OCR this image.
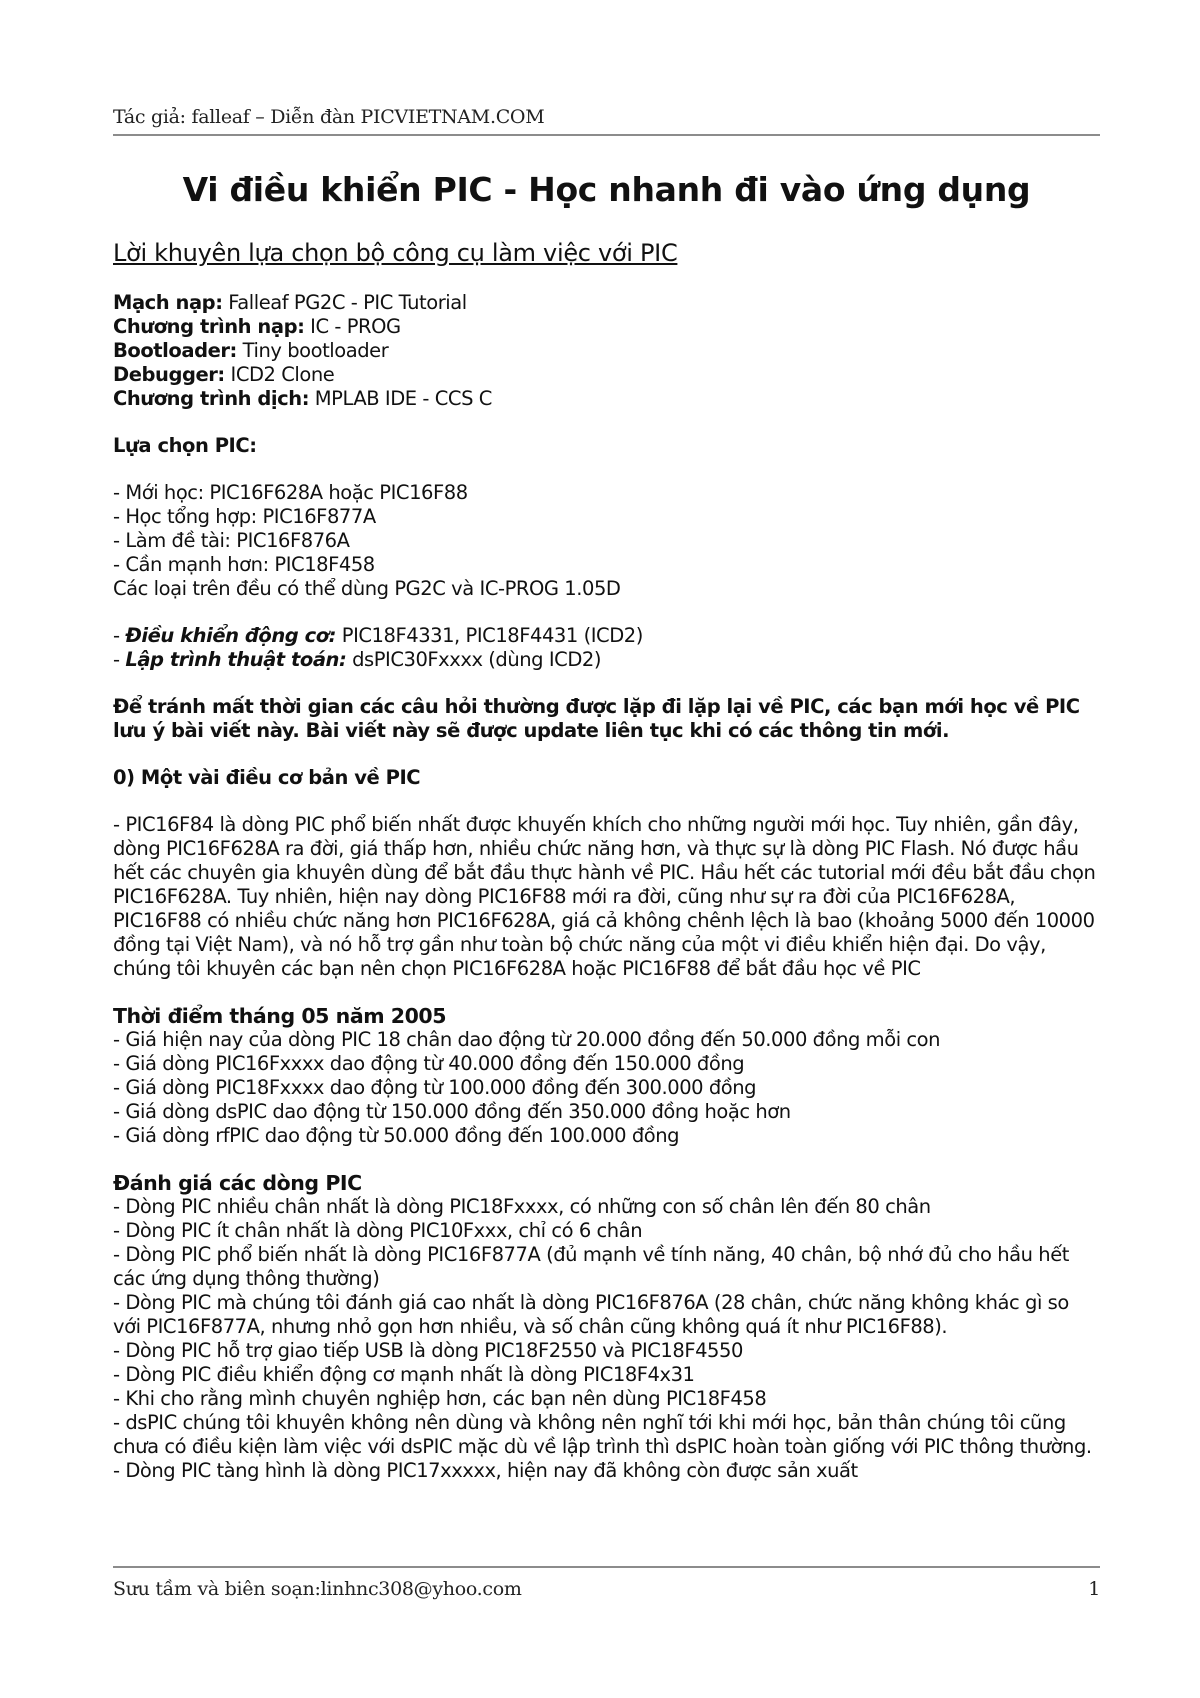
Tác giả: falleaf – Diễn đàn PICVIETNAM.COM
Vi điều khiển PIC - Học nhanh đi vào ứng dụng
Lời khuyên lựa chọn bộ công cụ làm việc với PIC

Mạch nạp: Falleaf PG2C - PIC Tutorial

Chương trình nạp: IC - PROG

Bootloader: Tiny bootloader

Debugger: ICD2 Clone

Chương trình dịch: MPLAB IDE - CCS C

Lựa chọn PIC:

- Mới học: PIC16F628A hoặc PIC16F88

- Học tổng hợp: PIC16F877A

- Làm đề tài: PIC16F876A

- Cần mạnh hơn: PIC18F458

Các loại trên đều có thể dùng PG2C và IC-PROG 1.05D

- Điều khiển động cơ: PIC18F4331, PIC18F4431 (ICD2)

- Lập trình thuật toán: dsPIC30Fxxxx (dùng ICD2)

Để tránh mất thời gian các câu hỏi thường được lặp đi lặp lại về PIC, các bạn mới học về PIC lưu ý bài viết này. Bài viết này sẽ được update liên tục khi có các thông tin mới.

0) Một vài điều cơ bản về PIC

- PIC16F84 là dòng PIC phổ biến nhất được khuyến khích cho những người mới học. Tuy nhiên, gần đây, dòng PIC16F628A ra đời, giá thấp hơn, nhiều chức năng hơn, và thực sự là dòng PIC Flash. Nó được hầu hết các chuyên gia khuyên dùng để bắt đầu thực hành về PIC. Hầu hết các tutorial mới đều bắt đầu chọn PIC16F628A. Tuy nhiên, hiện nay dòng PIC16F88 mới ra đời, cũng như sự ra đời của PIC16F628A, PIC16F88 có nhiều chức năng hơn PIC16F628A, giá cả không chênh lệch là bao (khoảng 5000 đến 10000 đồng tại Việt Nam), và nó hỗ trợ gần như toàn bộ chức năng của một vi điều khiển hiện đại. Do vậy, chúng tôi khuyên các bạn nên chọn PIC16F628A hoặc PIC16F88 để bắt đầu học về PIC

Thời điểm tháng 05 năm 2005

- Giá hiện nay của dòng PIC 18 chân dao động từ 20.000 đồng đến 50.000 đồng mỗi con

- Giá dòng PIC16Fxxxx dao động từ 40.000 đồng đến 150.000 đồng

- Giá dòng PIC18Fxxxx dao động từ 100.000 đồng đến 300.000 đồng

- Giá dòng dsPIC dao động từ 150.000 đồng đến 350.000 đồng hoặc hơn

- Giá dòng rfPIC dao động từ 50.000 đồng đến 100.000 đồng

Đánh giá các dòng PIC

- Dòng PIC nhiều chân nhất là dòng PIC18Fxxxx, có những con số chân lên đến 80 chân

- Dòng PIC ít chân nhất là dòng PIC10Fxxx, chỉ có 6 chân

- Dòng PIC phổ biến nhất là dòng PIC16F877A (đủ mạnh về tính năng, 40 chân, bộ nhớ đủ cho hầu hết các ứng dụng thông thường)

- Dòng PIC mà chúng tôi đánh giá cao nhất là dòng PIC16F876A (28 chân, chức năng không khác gì so với PIC16F877A, nhưng nhỏ gọn hơn nhiều, và số chân cũng không quá ít như PIC16F88).

- Dòng PIC hỗ trợ giao tiếp USB là dòng PIC18F2550 và PIC18F4550

- Dòng PIC điều khiển động cơ mạnh nhất là dòng PIC18F4x31

- Khi cho rằng mình chuyên nghiệp hơn, các bạn nên dùng PIC18F458

- dsPIC chúng tôi khuyên không nên dùng và không nên nghĩ tới khi mới học, bản thân chúng tôi cũng chưa có điều kiện làm việc với dsPIC mặc dù về lập trình thì dsPIC hoàn toàn giống với PIC thông thường.

- Dòng PIC tàng hình là dòng PIC17xxxxx, hiện nay đã không còn được sản xuất

Sưu tầm và biên soạn:linhnc308@yhoo.com	1
